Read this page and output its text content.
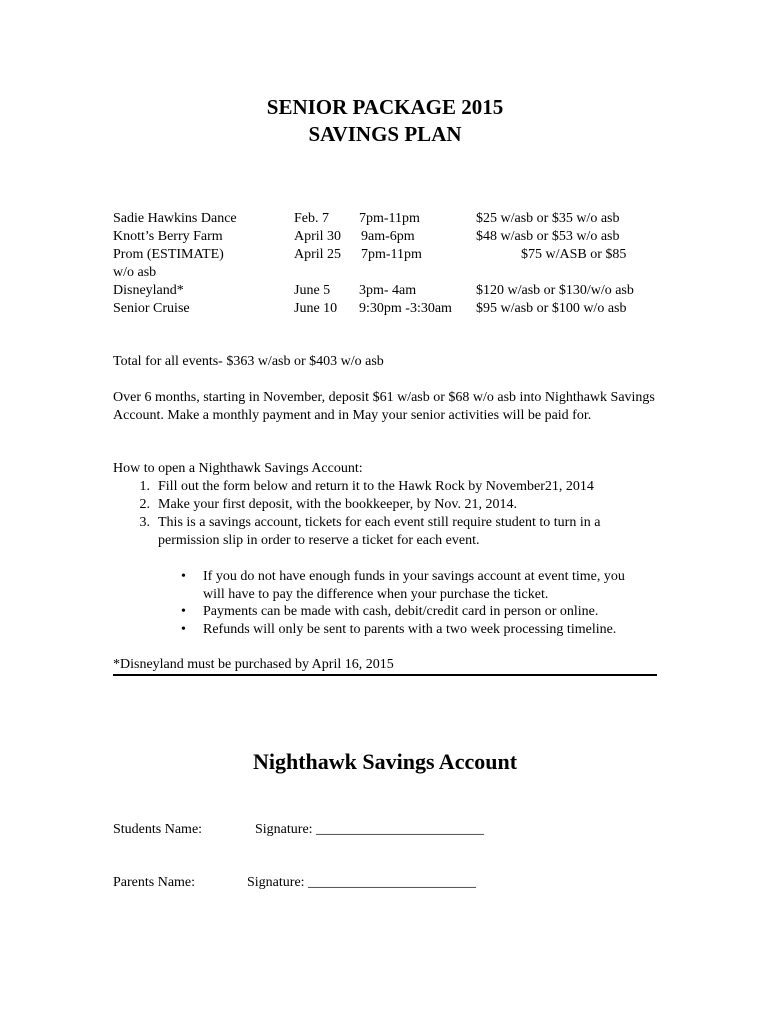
SENIOR PACKAGE 2015
SAVINGS PLAN
Sadie Hawkins Dance	Feb. 7 7pm-11pm	$25 w/asb or $35 w/o asb
Knott’s Berry Farm	April 30 9am-6pm	$48 w/asb or $53 w/o asb
Prom (ESTIMATE)	April 25 7pm-11pm	$75 w/ASB or $85
w/o asb
Disneyland*	June 5 3pm- 4am	$120 w/asb or $130/w/o asb
Senior Cruise	June 10 9:30pm -3:30am $95 w/asb or $100 w/o asb
Total for all events- $363 w/asb or $403 w/o asb
Over 6 months, starting in November, deposit $61 w/asb or $68 w/o asb into Nighthawk Savings Account. Make a monthly payment and in May your senior activities will be paid for.
How to open a Nighthawk Savings Account:
1. Fill out the form below and return it to the Hawk Rock by November21, 2014
2. Make your first deposit, with the bookkeeper, by Nov. 21, 2014.
3. This is a savings account, tickets for each event still require student to turn in a permission slip in order to reserve a ticket for each event.
•	If you do not have enough funds in your savings account at event time, you will have to pay the difference when your purchase the ticket.
•	Payments can be made with cash, debit/credit card in person or online.
•	Refunds will only be sent to parents with a two week processing timeline.
*Disneyland must be purchased by April 16, 2015
Nighthawk Savings Account
Students Name:	Signature: ________________________
Parents Name:	Signature: ________________________
